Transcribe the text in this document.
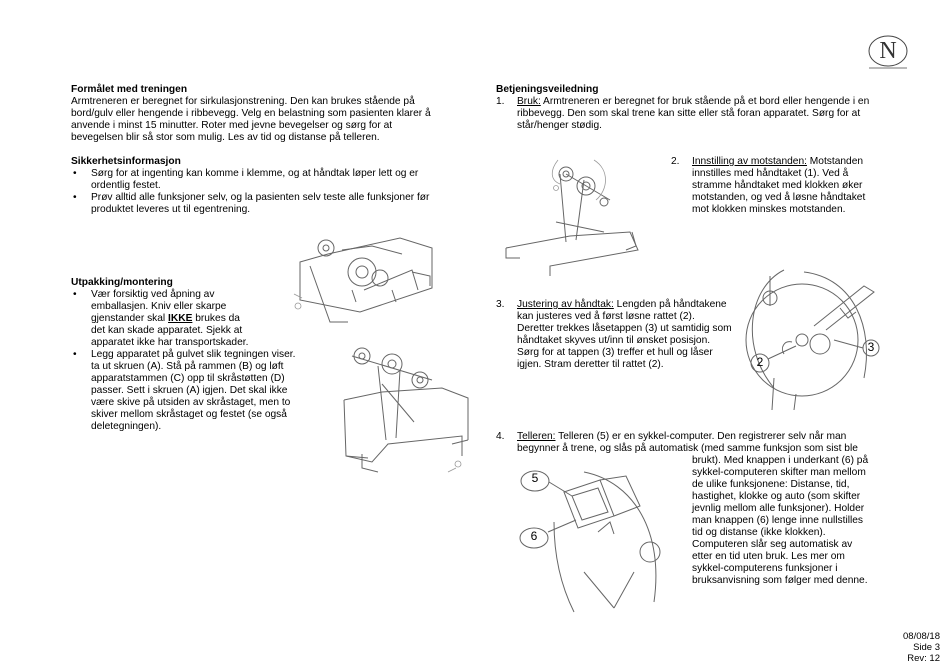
N
Formålet med treningen
Armtreneren er beregnet for sirkulasjonstrening. Den kan brukes stående på
bord/gulv eller hengende i ribbevegg. Velg en belastning som pasienten klarer å
anvende i minst 15 minutter. Roter med jevne bevegelser og sørg for at
bevegelsen blir så stor som mulig. Les av tid og distanse på telleren.
Sikkerhetsinformasjon
• Sørg for at ingenting kan komme i klemme, og at håndtak løper lett og er
ordentlig festet.
• Prøv alltid alle funksjoner selv, og la pasienten selv teste alle funksjoner før
produktet leveres ut til egentrening.
Utpakking/montering
• Vær forsiktig ved åpning av
emballasjen. Kniv eller skarpe
gjenstander skal IKKE brukes da
det kan skade apparatet. Sjekk at
apparatet ikke har transportskader.
• Legg apparatet på gulvet slik tegningen viser.
ta ut skruen (A). Stå på rammen (B) og løft
apparatstammen (C) opp til skråstøtten (D)
passer. Sett i skruen (A) igjen. Det skal ikke
være skive på utsiden av skråstaget, men to
skiver mellom skråstaget og festet (se også
deletegningen).
Betjeningsveiledning
1.	Bruk: Armtreneren er beregnet for bruk stående på et bord eller hengende i en
ribbevegg. Den som skal trene kan sitte eller stå foran apparatet. Sørg for at
står/henger stødig.
2.	Innstilling av motstanden: Motstanden
innstilles med håndtaket (1). Ved å
stramme håndtaket med klokken øker
motstanden, og ved å løsne håndtaket
mot klokken minskes motstanden.
3.	Justering av håndtak: Lengden på håndtakene
kan justeres ved å først løsne rattet (2).
Deretter trekkes låsetappen (3) ut samtidig som
håndtaket skyves ut/inn til ønsket posisjon.
Sørg for at tappen (3) treffer et hull og låser
igjen. Stram deretter til rattet (2).	2
3
4.	Telleren: Telleren (5) er en sykkel-computer. Den registrerer selv når man
begynner å trene, og slås på automatisk (med samme funksjon som sist ble
brukt). Med knappen i underkant (6) på
sykkel-computeren skifter man mellom
de ulike funksjonene: Distanse, tid,
hastighet, klokke og auto (som skifter
jevnlig mellom alle funksjoner). Holder
man knappen (6) lenge inne nullstilles
tid og distanse (ikke klokken).
Computeren slår seg automatisk av
etter en tid uten bruk. Les mer om
sykkel-computerens funksjoner i
bruksanvisning som følger med denne.
5
6
08/08/18
Side 3
Rev: 12
